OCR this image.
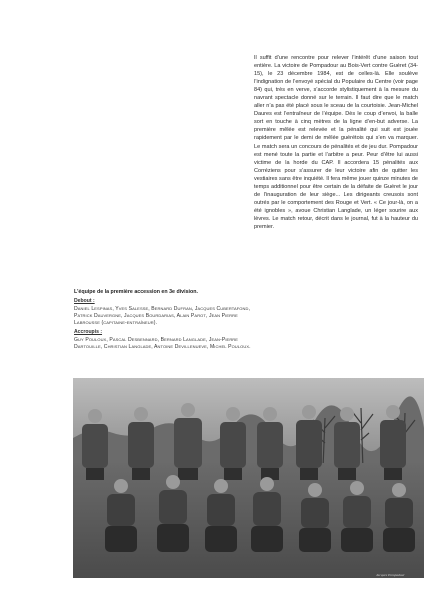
Il suffit d’une rencontre pour relever l’intérêt d’une saison tout entière. La victoire de Pompadour au Bois-Vert contre Guéret (34-15), le 23 décembre 1984, est de celles-là. Elle soulève l’indignation de l’envoyé spécial du Populaire du Centre (voir page 84) qui, très en verve, s’accorde stylistiquement à la mesure du navrant spectacle donné sur le terrain. Il faut dire que le match aller n’a pas été placé sous le sceau de la courtoisie. Jean-Michel Daures est l’entraîneur de l’équipe. Dès le coup d’envoi, la balle sort en touche à cinq mètres de la ligne d’en-but adverse. La première mêlée est relevée et la pénalité qui suit est jouée rapidement par le demi de mêlée guérétois qui s’en va marquer. Le match sera un concours de pénalités et de jeu dur. Pompadour est mené toute la partie et l’arbitre a peur. Peur d’être lui aussi victime de la horde du CAP. Il accordera 15 pénalités aux Corréziens pour s’assurer de leur victoire afin de quitter les vestiaires sans être inquiété. Il fera même jouer quinze minutes de temps additionnel pour être certain de la défaite de Guéret le jour de l’inauguration de leur siège... Les dirigeants creusois sont outrés par le comportement des Rouge et Vert. « Ce jour-là, on a été ignobles », avoue Christian Langlade, un léger sourire aux lèvres. Le match retour, décrit dans le journal, fut à la hauteur du premier.

L’équipe de la première accession en 3e division.
Debout :
Daniel Lespinas, Yves Salesse, Bernard Dufran, Jacques Cubertafond, Patrick Dauvergne, Jacques Bourdarias, Alain Parot, Jean Pierre Labrousse (capitaine-entraîneur).
Accroupis :
Guy Pouloux, Pascal Desbennard, Bernard Langlade, Jean-Pierre Dartouille, Christian Langlade, Antoine Devillenueve, Michel Pouloux.
Jacques Pompadour
